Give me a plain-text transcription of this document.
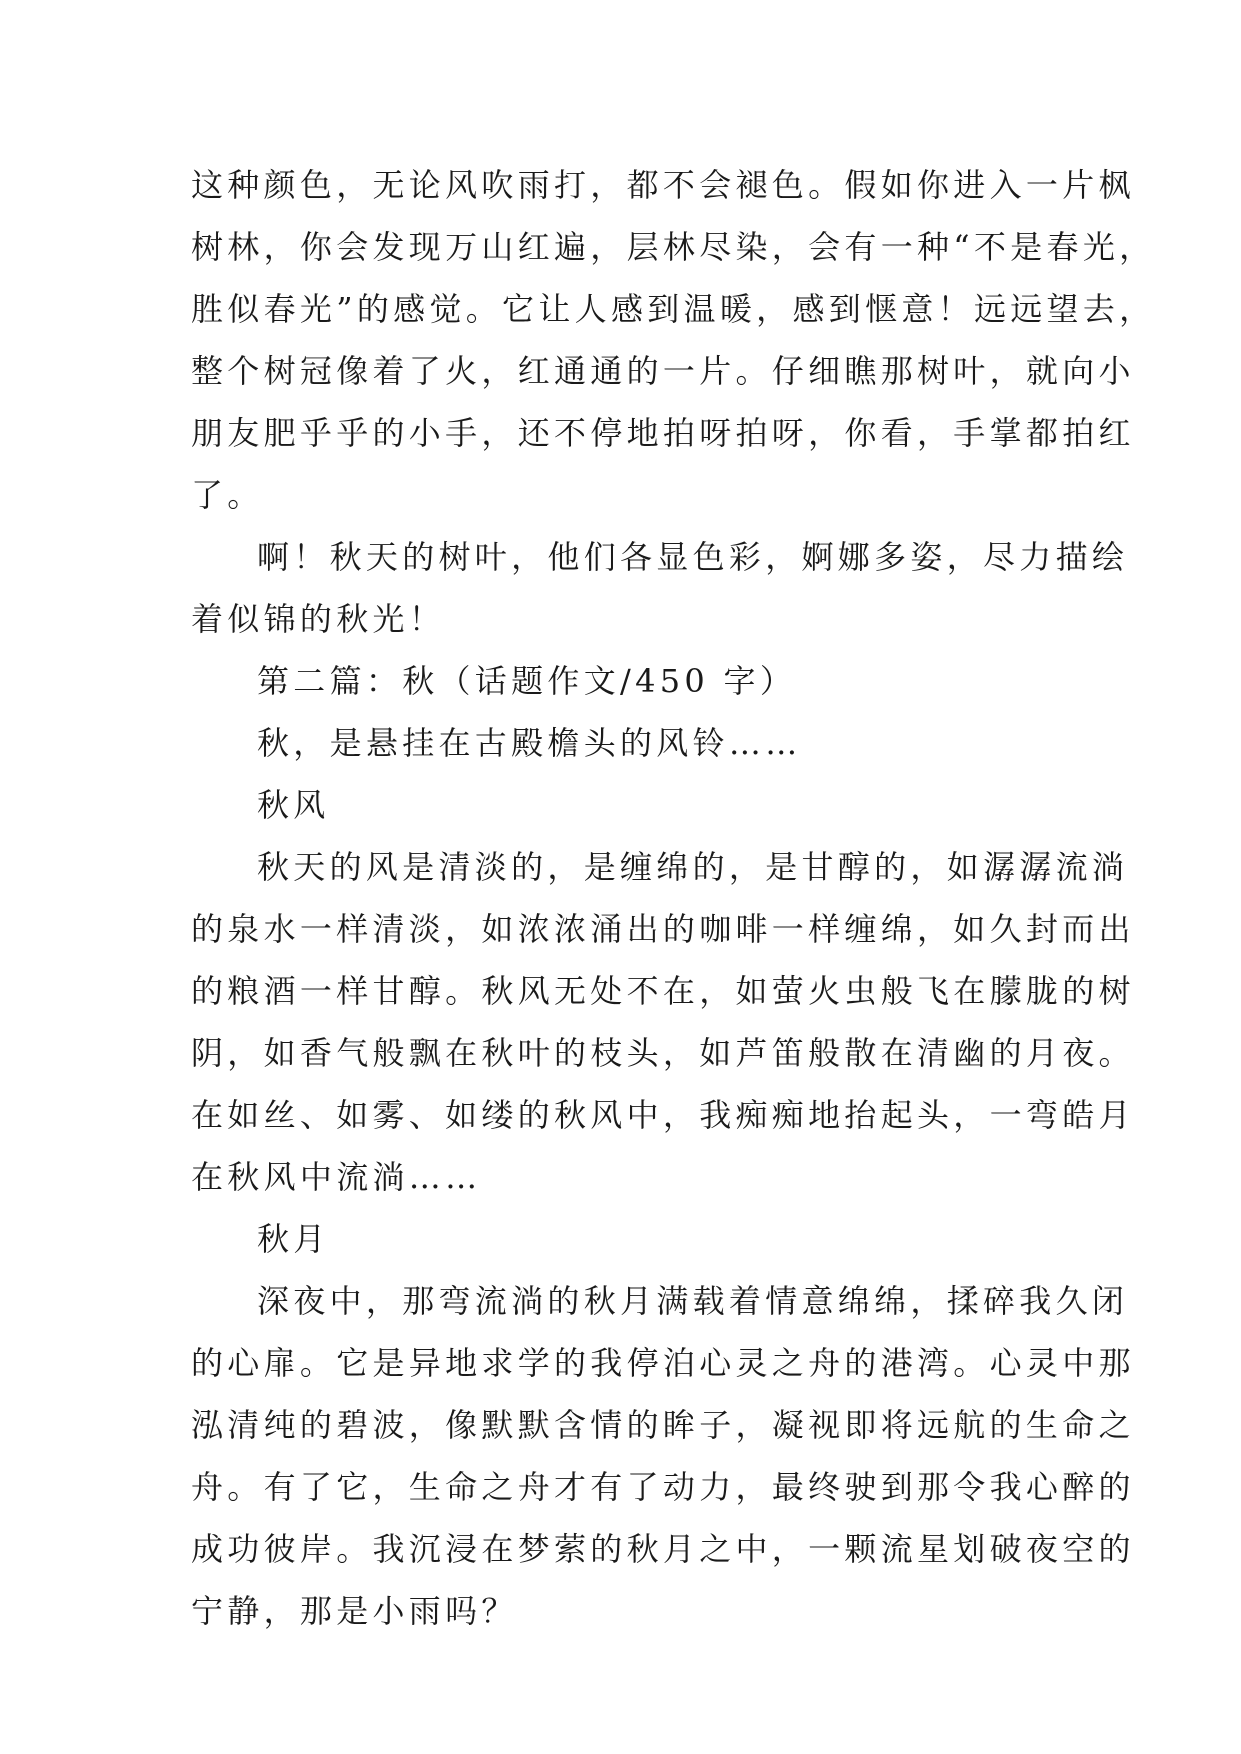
这种颜色，无论风吹雨打，都不会褪色。假如你进入一片枫
树林，你会发现万山红遍，层林尽染，会有一种“不是春光，
胜似春光”的感觉。它让人感到温暖，感到惬意！远远望去，
整个树冠像着了火，红通通的一片。仔细瞧那树叶，就向小
朋友肥乎乎的小手，还不停地拍呀拍呀，你看，手掌都拍红
了。
啊！秋天的树叶，他们各显色彩，婀娜多姿，尽力描绘
着似锦的秋光！
第二篇：秋（话题作文/450 字）
秋，是悬挂在古殿檐头的风铃……
秋风
秋天的风是清淡的，是缠绵的，是甘醇的，如潺潺流淌
的泉水一样清淡，如浓浓涌出的咖啡一样缠绵，如久封而出
的粮酒一样甘醇。秋风无处不在，如萤火虫般飞在朦胧的树
阴，如香气般飘在秋叶的枝头，如芦笛般散在清幽的月夜。
在如丝、如雾、如缕的秋风中，我痴痴地抬起头，一弯皓月
在秋风中流淌……
秋月
深夜中，那弯流淌的秋月满载着情意绵绵，揉碎我久闭
的心扉。它是异地求学的我停泊心灵之舟的港湾。心灵中那
泓清纯的碧波，像默默含情的眸子，凝视即将远航的生命之
舟。有了它，生命之舟才有了动力，最终驶到那令我心醉的
成功彼岸。我沉浸在梦萦的秋月之中，一颗流星划破夜空的
宁静，那是小雨吗？
